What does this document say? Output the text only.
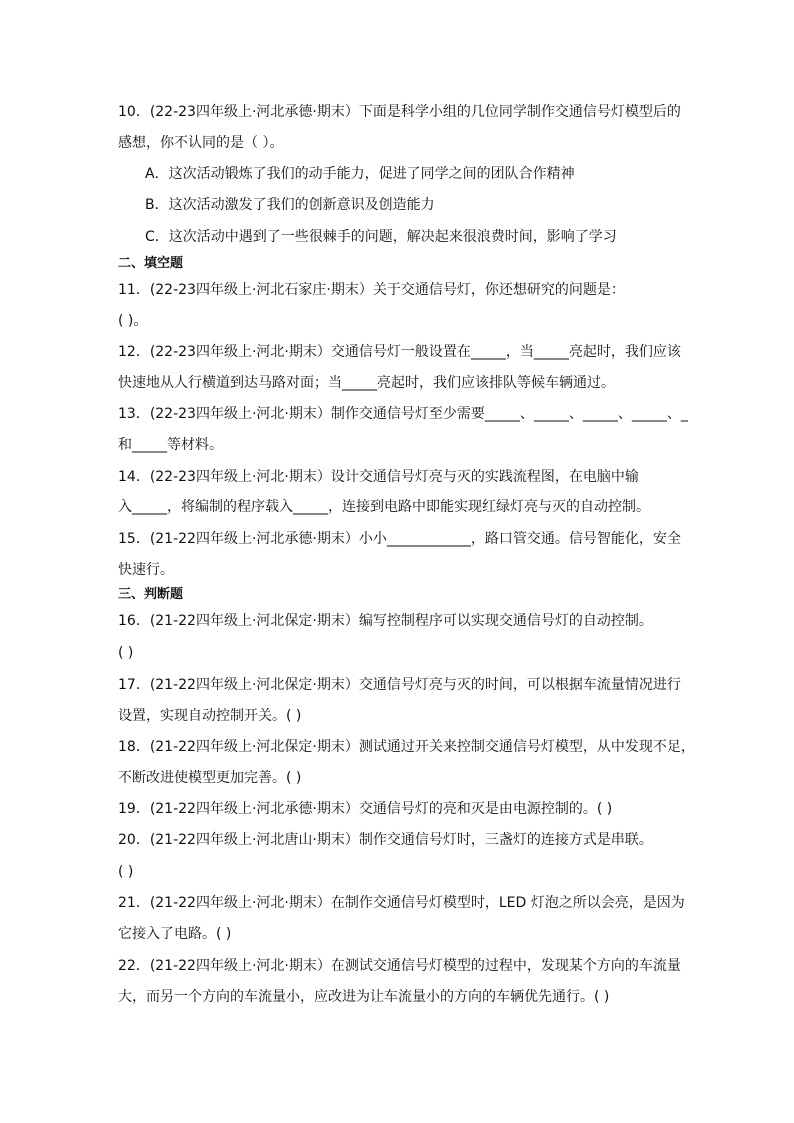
10．(22-23四年级上·河北承德·期末）下面是科学小组的几位同学制作交通信号灯模型后的
感想，你不认同的是（ ）。
A．这次活动锻炼了我们的动手能力，促进了同学之间的团队合作精神
B．这次活动激发了我们的创新意识及创造能力
C．这次活动中遇到了一些很棘手的问题，解决起来很浪费时间，影响了学习
二、填空题
11．(22-23四年级上·河北石家庄·期末）关于交通信号灯，你还想研究的问题是：
( )。
12．(22-23四年级上·河北·期末）交通信号灯一般设置在_____，当_____亮起时，我们应该
快速地从人行横道到达马路对面；当_____亮起时，我们应该排队等候车辆通过。
13．(22-23四年级上·河北·期末）制作交通信号灯至少需要_____、_____、_____、_____、_
和_____等材料。
14．(22-23四年级上·河北·期末）设计交通信号灯亮与灭的实践流程图，在电脑中输
入_____，将编制的程序载入_____，连接到电路中即能实现红绿灯亮与灭的自动控制。
15．(21-22四年级上·河北承德·期末）小小____________，路口管交通。信号智能化，安全
快速行。
三、判断题
16．(21-22四年级上·河北保定·期末）编写控制程序可以实现交通信号灯的自动控制。
( )
17．(21-22四年级上·河北保定·期末）交通信号灯亮与灭的时间，可以根据车流量情况进行
设置，实现自动控制开关。( )
18．(21-22四年级上·河北保定·期末）测试通过开关来控制交通信号灯模型，从中发现不足，
不断改进使模型更加完善。( )
19．(21-22四年级上·河北承德·期末）交通信号灯的亮和灭是由电源控制的。( )
20．(21-22四年级上·河北唐山·期末）制作交通信号灯时，三盏灯的连接方式是串联。
( )
21．(21-22四年级上·河北·期末）在制作交通信号灯模型时，LED 灯泡之所以会亮，是因为
它接入了电路。( )
22．(21-22四年级上·河北·期末）在测试交通信号灯模型的过程中，发现某个方向的车流量
大，而另一个方向的车流量小，应改进为让车流量小的方向的车辆优先通行。( )
